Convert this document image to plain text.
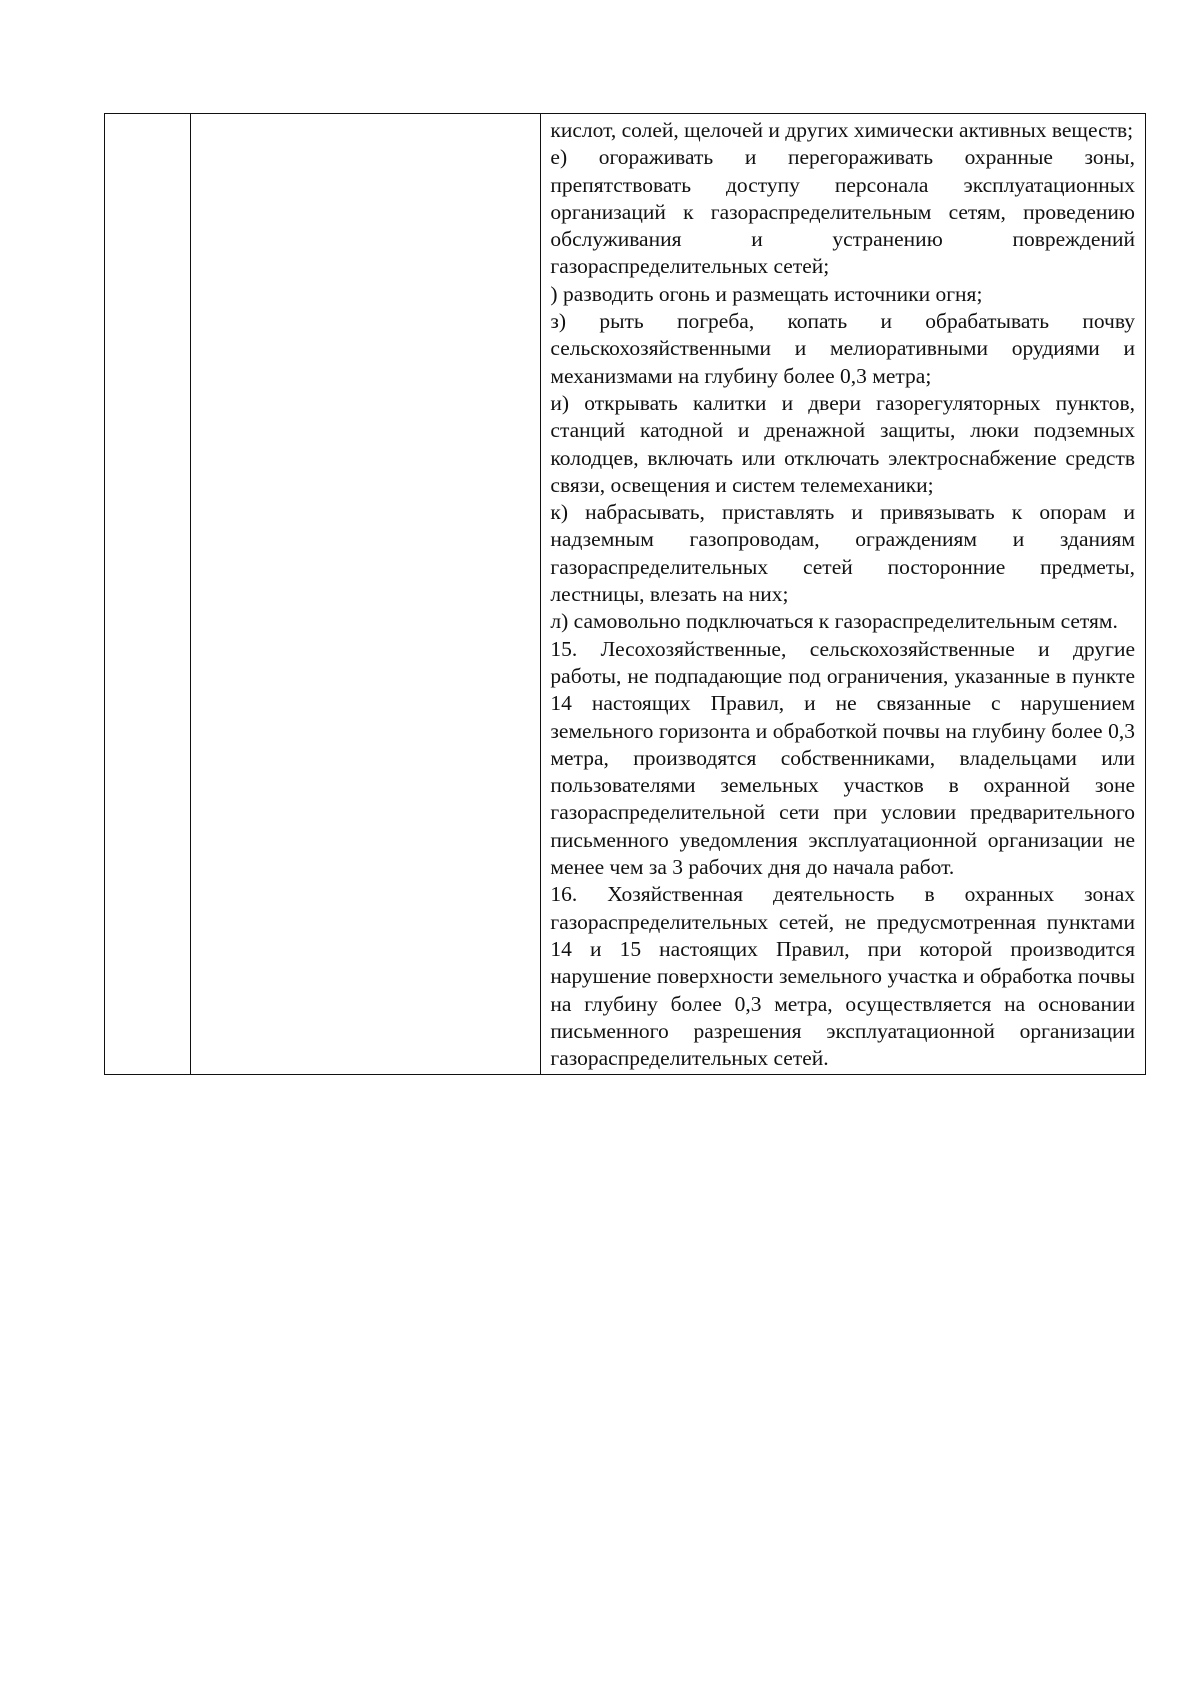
кислот, солей, щелочей и других химически активных веществ;

е) огораживать и перегораживать охранные зоны, препятствовать доступу персонала эксплуатационных организаций к газораспределительным сетям, проведению обслуживания и устранению повреждений газораспределительных сетей;

) разводить огонь и размещать источники огня;

з) рыть погреба, копать и обрабатывать почву сельскохозяйственными и мелиоративными орудиями и механизмами на глубину более 0,3 метра;

и) открывать калитки и двери газорегуляторных пунктов, станций катодной и дренажной защиты, люки подземных колодцев, включать или отключать электроснабжение средств связи, освещения и систем телемеханики;

к) набрасывать, приставлять и привязывать к опорам и надземным газопроводам, ограждениям и зданиям газораспределительных сетей посторонние предметы, лестницы, влезать на них;

л) самовольно подключаться к газораспределительным сетям.

15. Лесохозяйственные, сельскохозяйственные и другие работы, не подпадающие под ограничения, указанные в пункте 14 настоящих Правил, и не связанные с нарушением земельного горизонта и обработкой почвы на глубину более 0,3 метра, производятся собственниками, владельцами или пользователями земельных участков в охранной зоне газораспределительной сети при условии предварительного письменного уведомления эксплуатационной организации не менее чем за 3 рабочих дня до начала работ.

16. Хозяйственная деятельность в охранных зонах газораспределительных сетей, не предусмотренная пунктами 14 и 15 настоящих Правил, при которой производится нарушение поверхности земельного участка и обработка почвы на глубину более 0,3 метра, осуществляется на основании письменного разрешения эксплуатационной организации газораспределительных сетей.
